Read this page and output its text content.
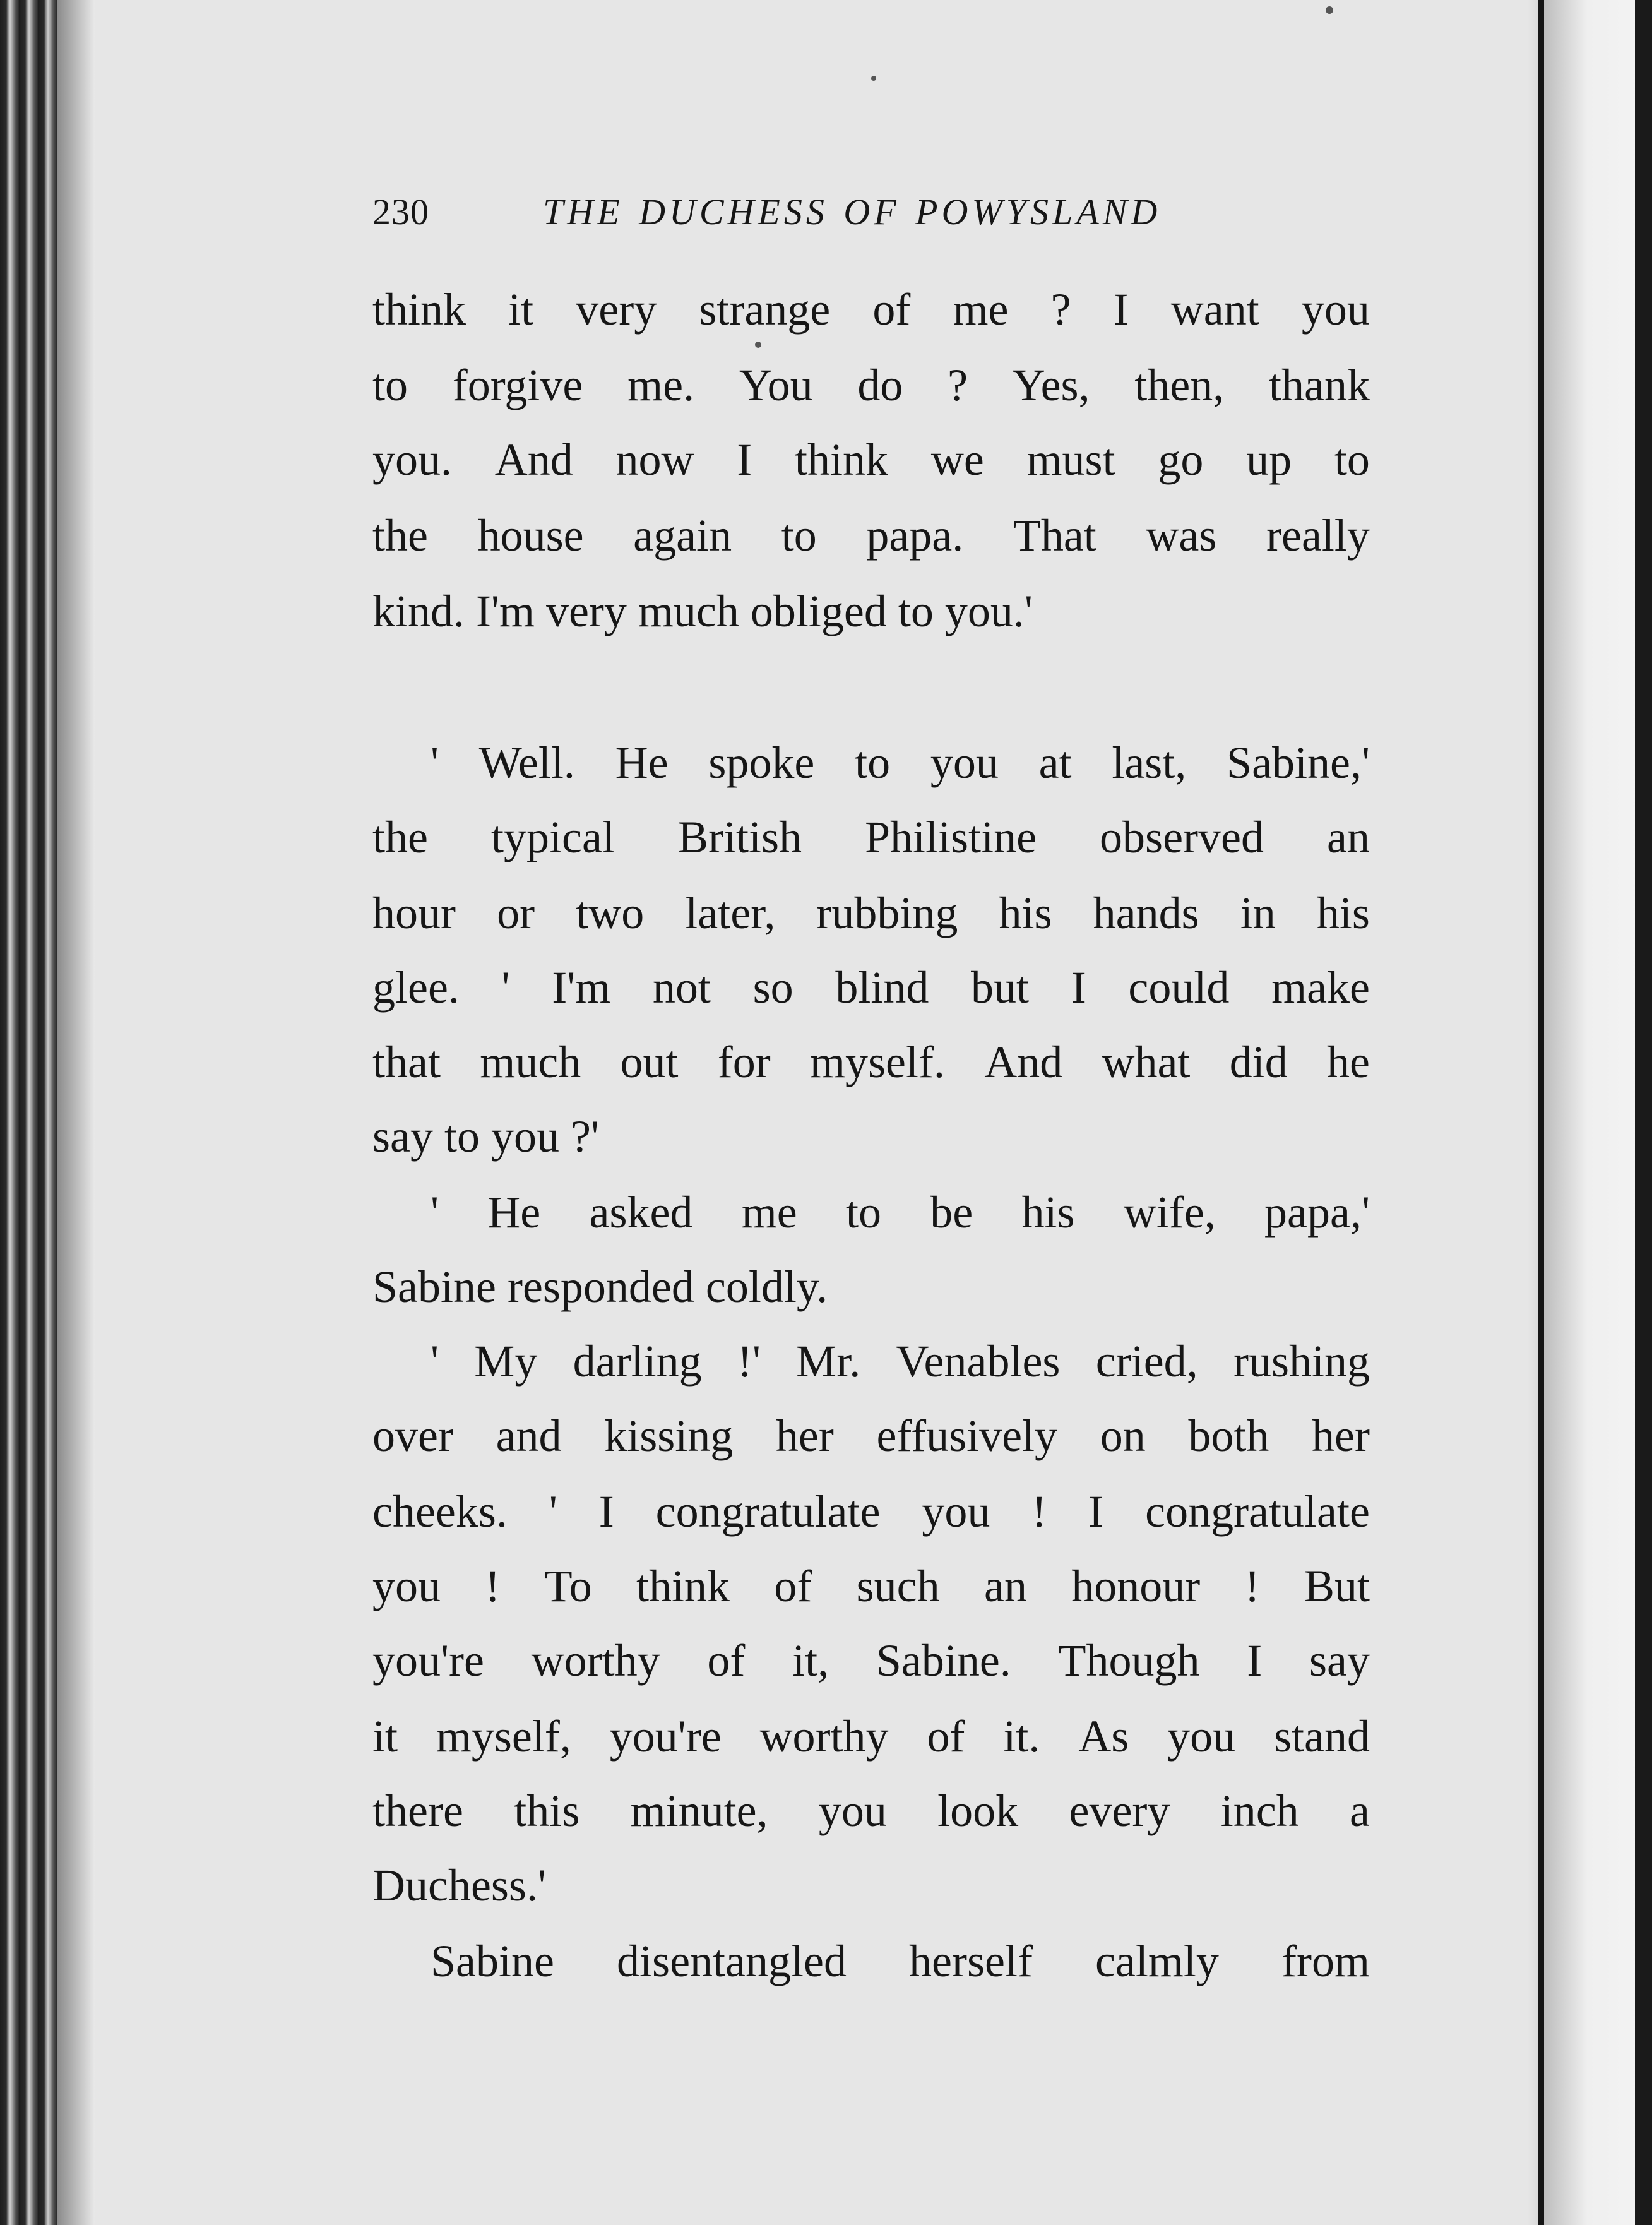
230	THE DUCHESS OF POWYSLAND
think it very strange of me ? I want you
to forgive me. You do ? Yes, then, thank
you. And now I think we must go up to
the house again to papa. That was really
kind. I'm very much obliged to you.'
' Well. He spoke to you at last, Sabine,'
the typical British Philistine observed an
hour or two later, rubbing his hands in his
glee. ' I'm not so blind but I could make
that much out for myself. And what did he
say to you ?'
' He asked me to be his wife, papa,'
Sabine responded coldly.
' My darling !' Mr. Venables cried, rushing
over and kissing her effusively on both her
cheeks. ' I congratulate you ! I congratulate
you ! To think of such an honour ! But
you're worthy of it, Sabine. Though I say
it myself, you're worthy of it. As you stand
there this minute, you look every inch a
Duchess.'
Sabine disentangled herself calmly from
